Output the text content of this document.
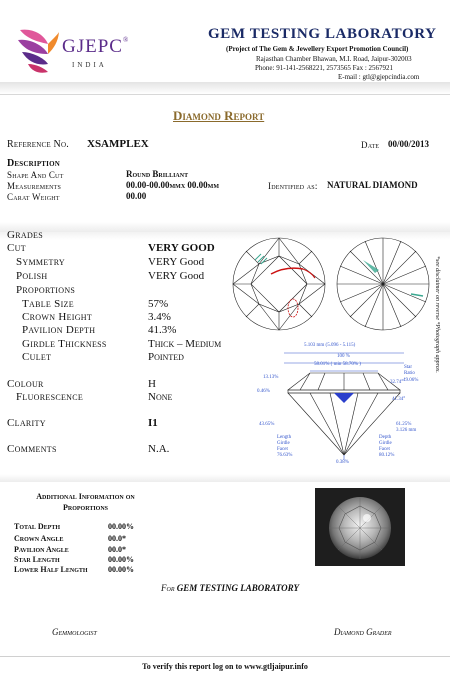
GJEPC®
INDIA
GEM TESTING LABORATORY
(Project of The Gem & Jewellery Export Promotion Council)
Rajasthan Chamber Bhawan, M.I. Road, Jaipur-302003
Phone: 91-141-2568221, 2573565 Fax : 2567921
E-mail : gtl@gjepcindia.com
Diamond Report
Reference No. XSAMPLEX	Date 00/00/2013
Description
Shape And Cut	Round Brilliant
Measurements	00.00-00.00mmx 00.00mm
Carat Weight	00.00
Identified as: NATURAL DIAMOND
Grades
Cut	VERY GOOD
Symmetry	VERY Good
Polish	VERY Good
Proportions
Table Size	57%
Crown Height	3.4%
Pavilion Depth	41.3%
Girdle Thickness	Thick – Medium
Culet	Pointed
Colour	H
Fluorescence	None
Clarity	I1
Comments	N.A.
*see disclaimer on reverse *Photograph approx.
5.103 mm (5.096 - 5.115)
100 %
58.01% ( min 58.70% )
13.13%
0.46%
Star
Ratio
49.06%
32.74°
41.34°
43.65%
Length
Girdle
Facet
76.63%
61.25%
3.126 mm
Depth
Girdle
Facet
80.12%
0.38%
Additional Information on Proportions
Total Depth	00.00%
Crown Angle	00.0*
Pavilion Angle	00.0*
Star Length	00.00%
Lower Half Length	00.00%
For GEM TESTING LABORATORY
Gemmologist	Diamond Grader
To verify this report log on to www.gtljaipur.info
